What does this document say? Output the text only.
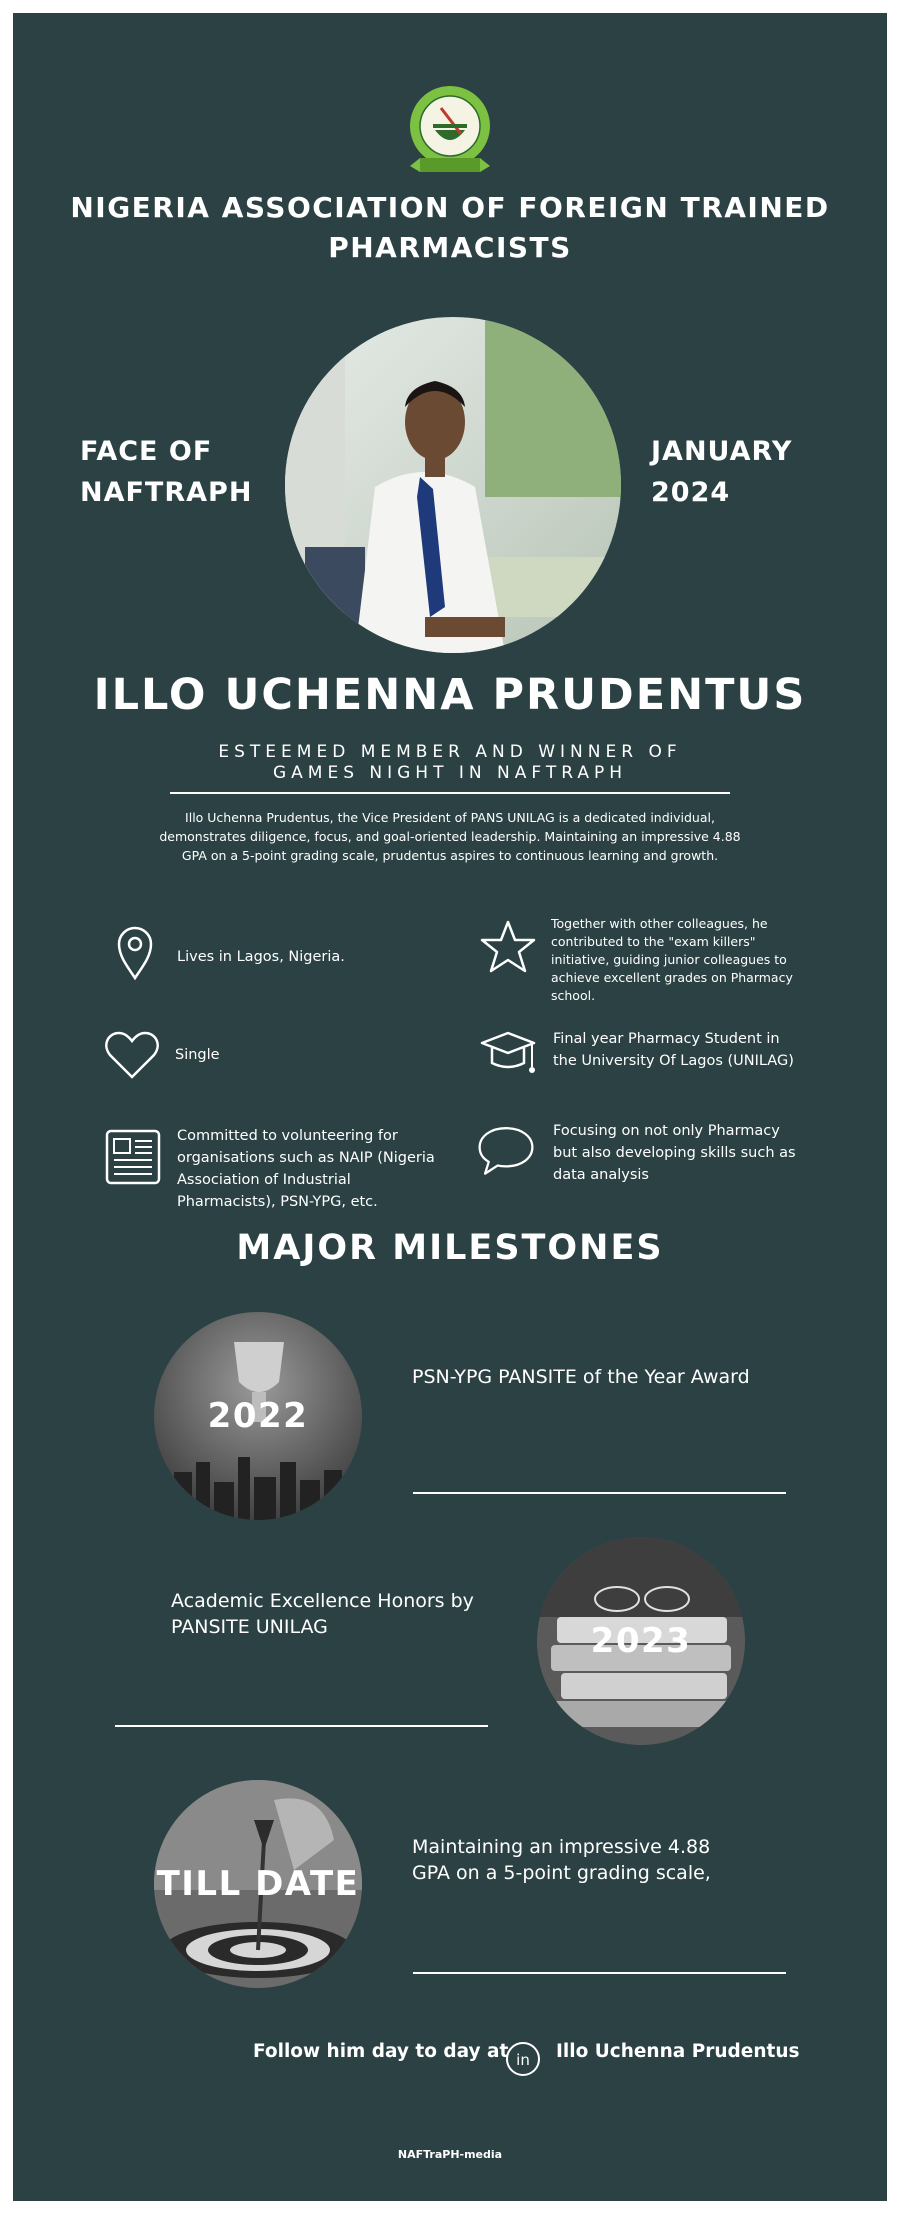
NIGERIA ASSOCIATION OF FOREIGN TRAINED
PHARMACISTS
FACE OF
NAFTRAPH
JANUARY
2024
ILLO UCHENNA PRUDENTUS
ESTEEMED MEMBER AND WINNER OF
GAMES NIGHT IN NAFTRAPH
Illo Uchenna Prudentus, the Vice President of PANS UNILAG is a dedicated individual,
demonstrates diligence, focus, and goal-oriented leadership. Maintaining an impressive 4.88
GPA on a 5-point grading scale, prudentus aspires to continuous learning and growth.
Lives in Lagos, Nigeria.
Single
Committed to volunteering for
organisations such as NAIP (Nigeria
Association of Industrial
Pharmacists), PSN-YPG, etc.
Together with other colleagues, he
contributed to the "exam killers"
initiative, guiding junior colleagues to
achieve excellent grades on Pharmacy
school.
Final year Pharmacy Student in
the University Of Lagos (UNILAG)
Focusing on not only Pharmacy
but also developing skills such as
data analysis
MAJOR MILESTONES
2022
PSN-YPG PANSITE of the Year Award
Academic Excellence Honors by
PANSITE UNILAG	2023
TILL DATE
Maintaining an impressive 4.88
GPA on a 5-point grading scale,
Follow him day to day at in Illo Uchenna Prudentus
NAFTraPH-media
